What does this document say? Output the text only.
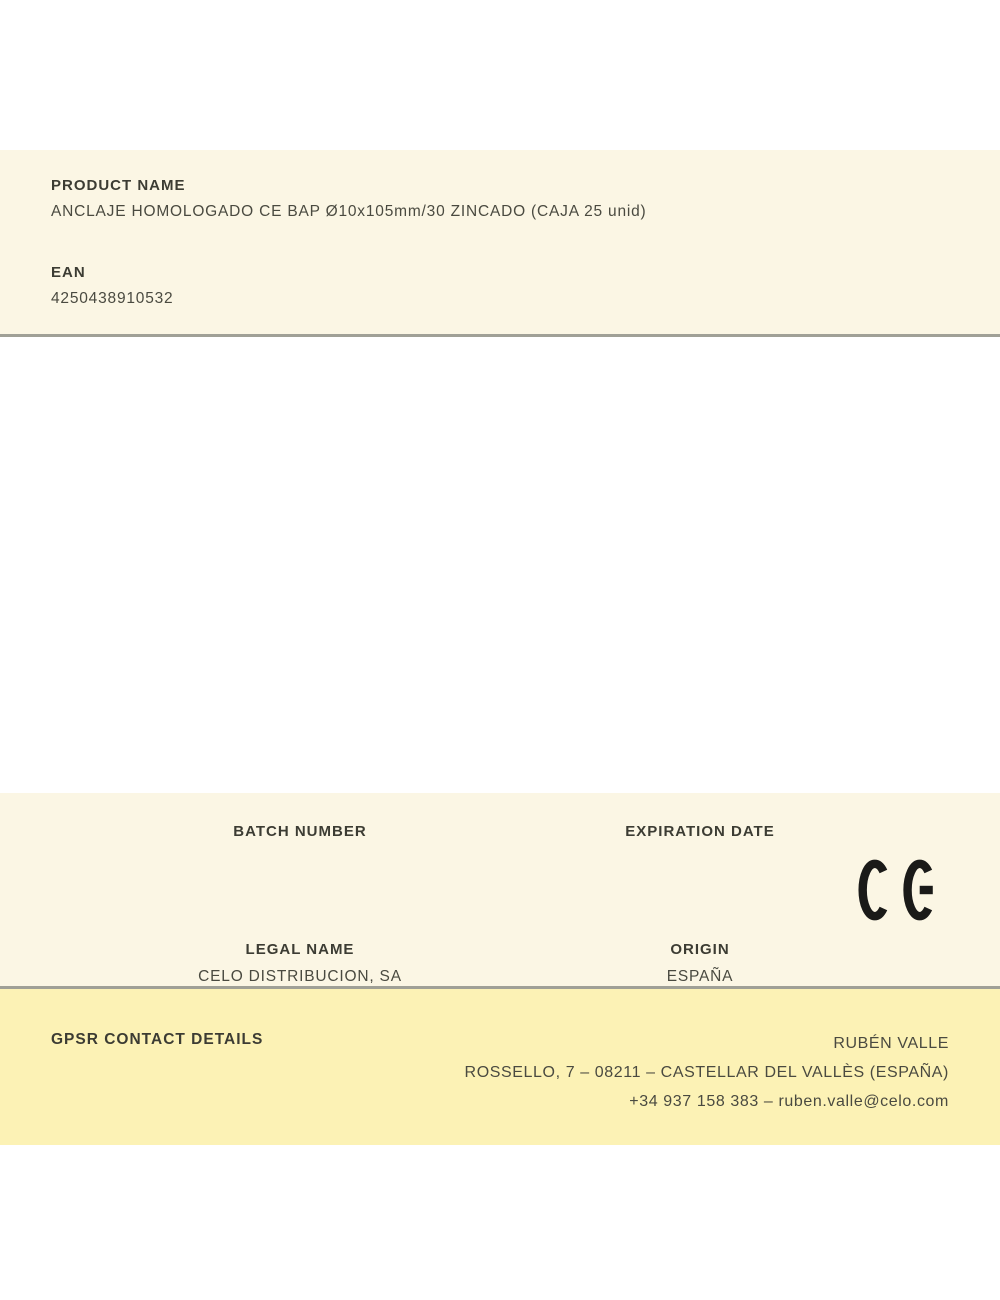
PRODUCT NAME
ANCLAJE HOMOLOGADO CE BAP Ø10x105mm/30 ZINCADO (CAJA 25 unid)
EAN
4250438910532
BATCH NUMBER
LEGAL NAME
CELO DISTRIBUCION, SA
EXPIRATION DATE
ORIGIN
ESPAÑA
GPSR CONTACT DETAILS	RUBÉN VALLE
ROSSELLO, 7 – 08211 – CASTELLAR DEL VALLÈS (ESPAÑA)
+34 937 158 383 – ruben.valle@celo.com
